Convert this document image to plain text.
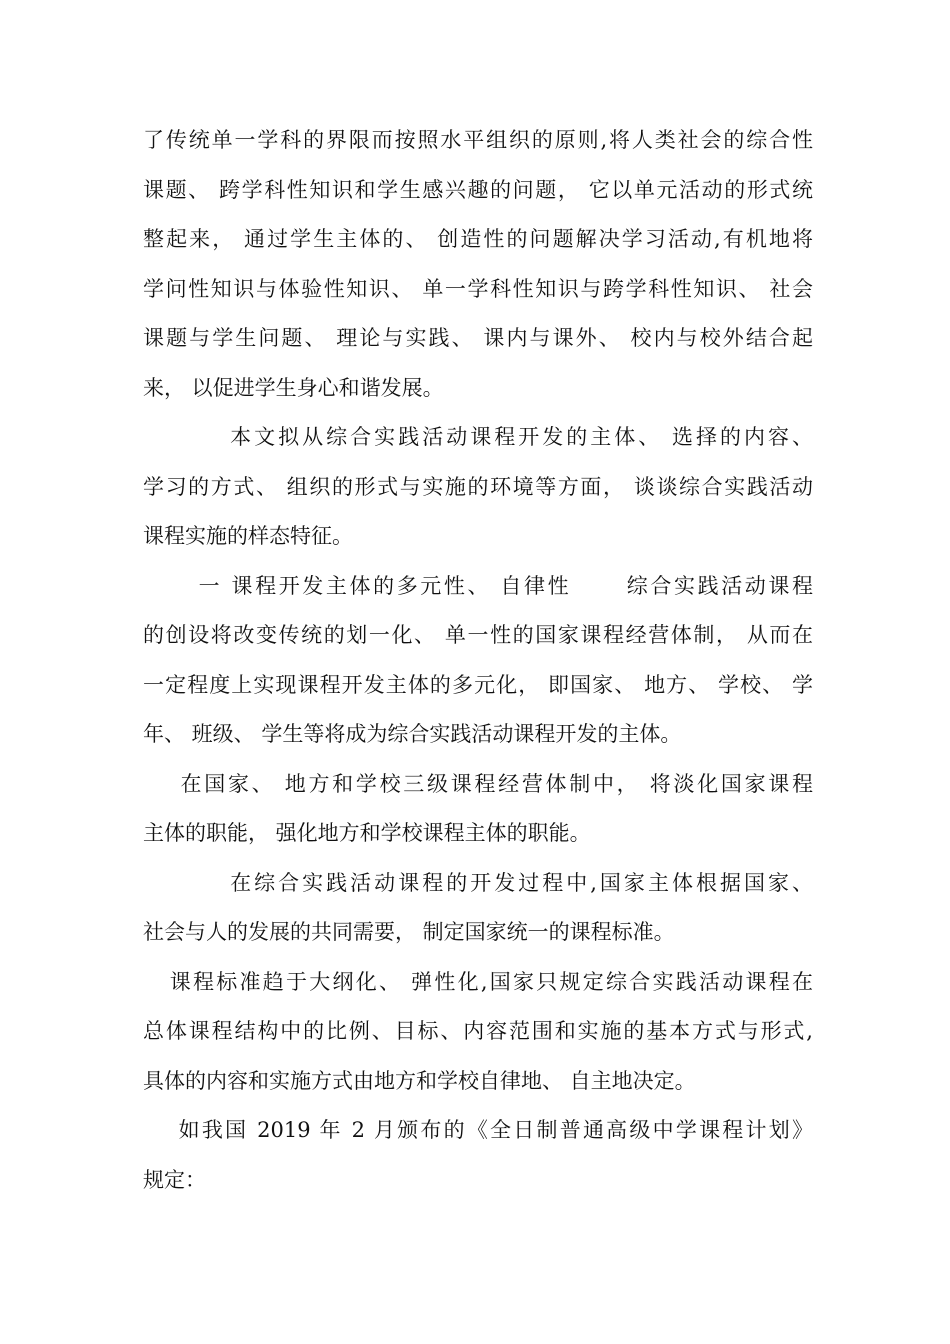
了传统单一学科的界限而按照水平组织的原则,将人类社会的综合性
课题、 跨学科性知识和学生感兴趣的问题， 它以单元活动的形式统
整起来， 通过学生主体的、 创造性的问题解决学习活动,有机地将
学问性知识与体验性知识、 单一学科性知识与跨学科性知识、 社会
课题与学生问题、 理论与实践、 课内与课外、 校内与校外结合起
来， 以促进学生身心和谐发展。
本文拟从综合实践活动课程开发的主体、 选择的内容、
学习的方式、 组织的形式与实施的环境等方面， 谈谈综合实践活动
课程实施的样态特征。
一 课程开发主体的多元性、 自律性      综合实践活动课程
的创设将改变传统的划一化、 单一性的国家课程经营体制， 从而在
一定程度上实现课程开发主体的多元化， 即国家、 地方、 学校、 学
年、 班级、 学生等将成为综合实践活动课程开发的主体。
在国家、 地方和学校三级课程经营体制中， 将淡化国家课程
主体的职能， 强化地方和学校课程主体的职能。
在综合实践活动课程的开发过程中,国家主体根据国家、
社会与人的发展的共同需要， 制定国家统一的课程标准。
课程标准趋于大纲化、 弹性化,国家只规定综合实践活动课程在
总体课程结构中的比例、目标、内容范围和实施的基本方式与形式,
具体的内容和实施方式由地方和学校自律地、 自主地决定。
如我国 2019 年 2 月颁布的《全日制普通高级中学课程计划》
规定：
